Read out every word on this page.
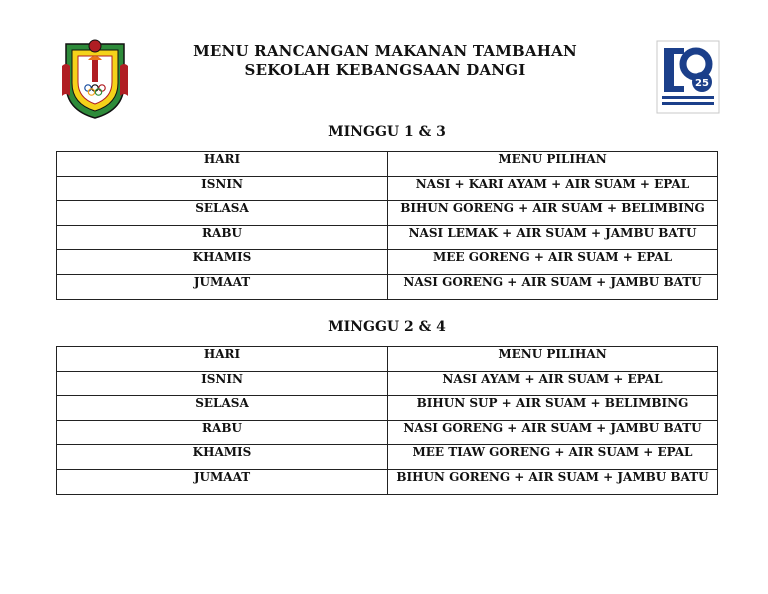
25
MENU RANCANGAN MAKANAN TAMBAHAN
SEKOLAH KEBANGSAAN DANGI
MINGGU 1 & 3
HARI	MENU PILIHAN
ISNIN	NASI + KARI AYAM + AIR SUAM + EPAL
SELASA	BIHUN GORENG + AIR SUAM + BELIMBING
RABU	NASI LEMAK + AIR SUAM + JAMBU BATU
KHAMIS	MEE GORENG + AIR SUAM + EPAL
JUMAAT	NASI GORENG + AIR SUAM + JAMBU BATU
MINGGU 2 & 4
HARI	MENU PILIHAN
ISNIN	NASI AYAM + AIR SUAM + EPAL
SELASA	BIHUN SUP + AIR SUAM + BELIMBING
RABU	NASI GORENG + AIR SUAM + JAMBU BATU
KHAMIS	MEE TIAW GORENG + AIR SUAM + EPAL
JUMAAT	BIHUN GORENG + AIR SUAM + JAMBU BATU
